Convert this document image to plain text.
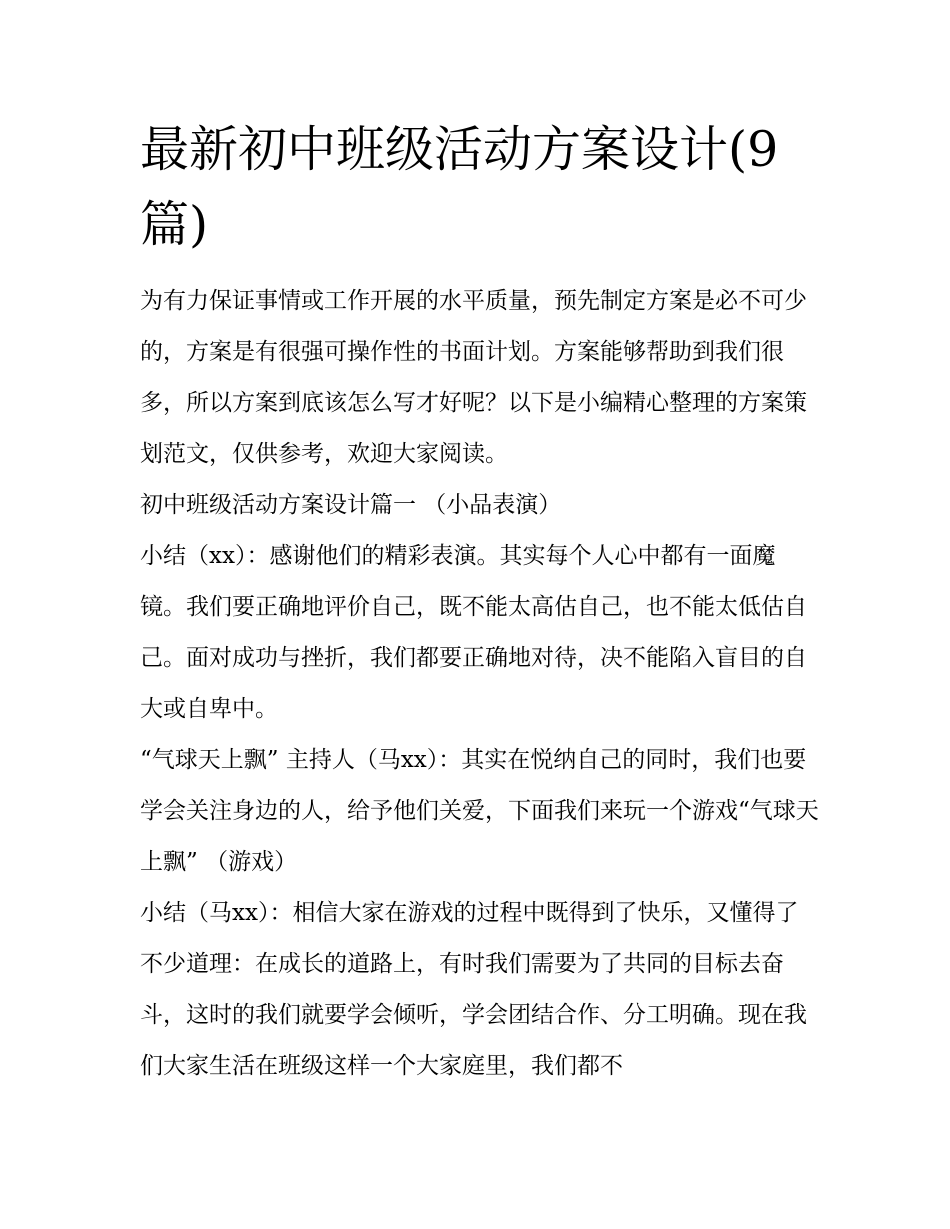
最新初中班级活动方案设计(9篇)

为有力保证事情或工作开展的水平质量，预先制定方案是必不可少的，方案是有很强可操作性的书面计划。方案能够帮助到我们很多，所以方案到底该怎么写才好呢？以下是小编精心整理的方案策划范文，仅供参考，欢迎大家阅读。

初中班级活动方案设计篇一 （小品表演）

小结（xx）：感谢他们的精彩表演。其实每个人心中都有一面魔镜。我们要正确地评价自己，既不能太高估自己，也不能太低估自己。面对成功与挫折，我们都要正确地对待，决不能陷入盲目的自大或自卑中。

“气球天上飘” 主持人（马xx）：其实在悦纳自己的同时，我们也要学会关注身边的人，给予他们关爱，下面我们来玩一个游戏“气球天上飘” （游戏）

小结（马xx）：相信大家在游戏的过程中既得到了快乐，又懂得了不少道理：在成长的道路上，有时我们需要为了共同的目标去奋斗，这时的我们就要学会倾听，学会团结合作、分工明确。现在我们大家生活在班级这样一个大家庭里，我们都不
